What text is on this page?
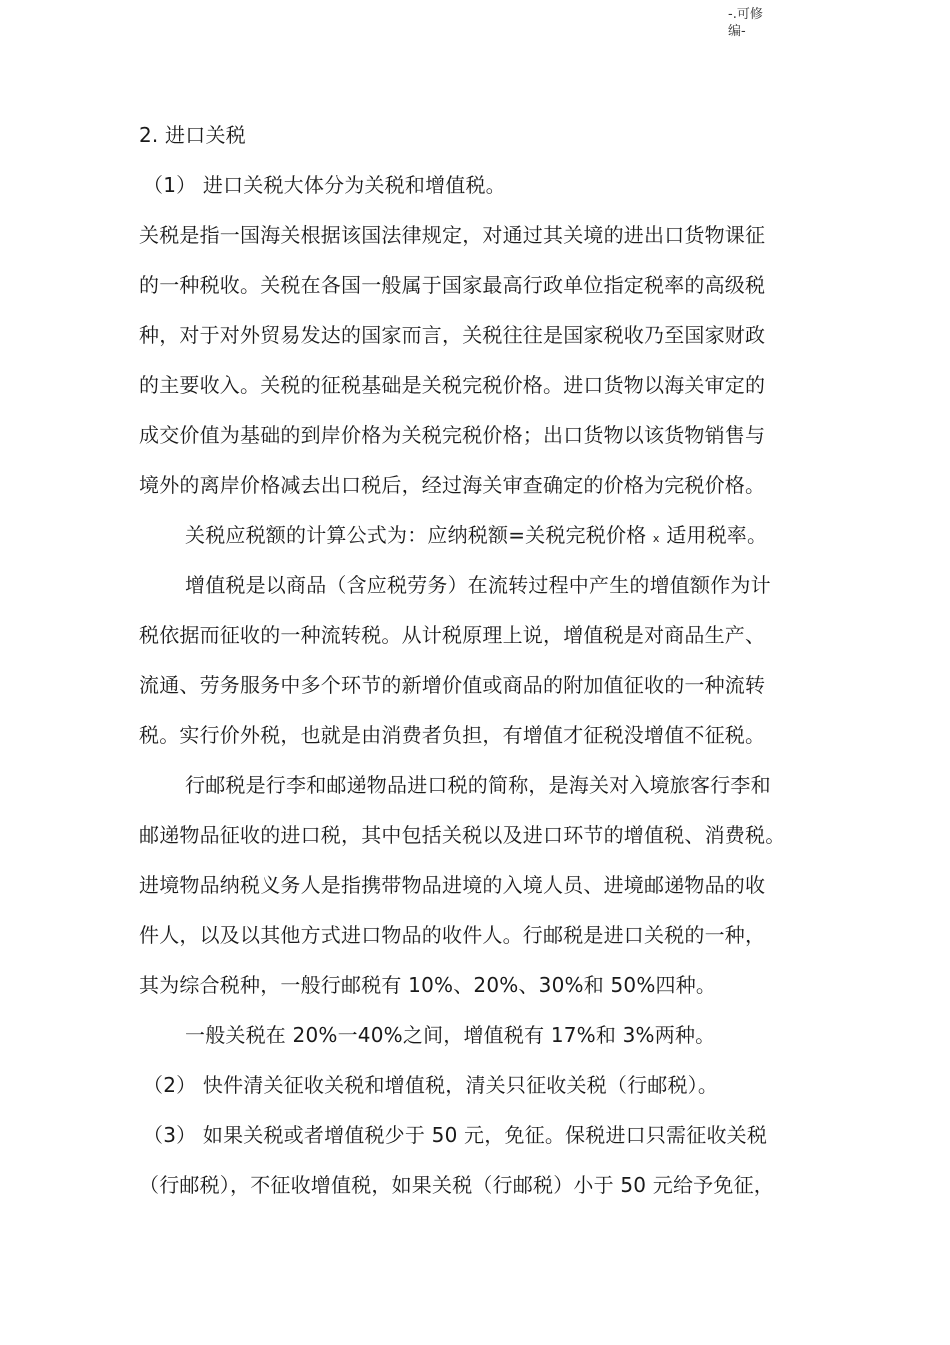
-.可修
编-
2. 进口关税
（1） 进口关税大体分为关税和增值税。
关税是指一国海关根据该国法律规定，对通过其关境的进出口货物课征
的一种税收。关税在各国一般属于国家最高行政单位指定税率的高级税
种，对于对外贸易发达的国家而言，关税往往是国家税收乃至国家财政
的主要收入。关税的征税基础是关税完税价格。进口货物以海关审定的
成交价值为基础的到岸价格为关税完税价格；出口货物以该货物销售与
境外的离岸价格减去出口税后，经过海关审查确定的价格为完税价格。
关税应税额的计算公式为：应纳税额=关税完税价格 x 适用税率。
增值税是以商品（含应税劳务）在流转过程中产生的增值额作为计
税依据而征收的一种流转税。从计税原理上说，增值税是对商品生产、
流通、劳务服务中多个环节的新增价值或商品的附加值征收的一种流转
税。实行价外税，也就是由消费者负担，有增值才征税没增值不征税。
行邮税是行李和邮递物品进口税的简称，是海关对入境旅客行李和
邮递物品征收的进口税，其中包括关税以及进口环节的增值税、消费税。
进境物品纳税义务人是指携带物品进境的入境人员、进境邮递物品的收
件人，以及以其他方式进口物品的收件人。行邮税是进口关税的一种，
其为综合税种，一般行邮税有 10%、20%、30%和 50%四种。
一般关税在 20%一40%之间，增值税有 17%和 3%两种。
（2） 快件清关征收关税和增值税，清关只征收关税（行邮税）。
（3） 如果关税或者增值税少于 50 元，免征。保税进口只需征收关税
（行邮税），不征收增值税，如果关税（行邮税）小于 50 元给予免征，
